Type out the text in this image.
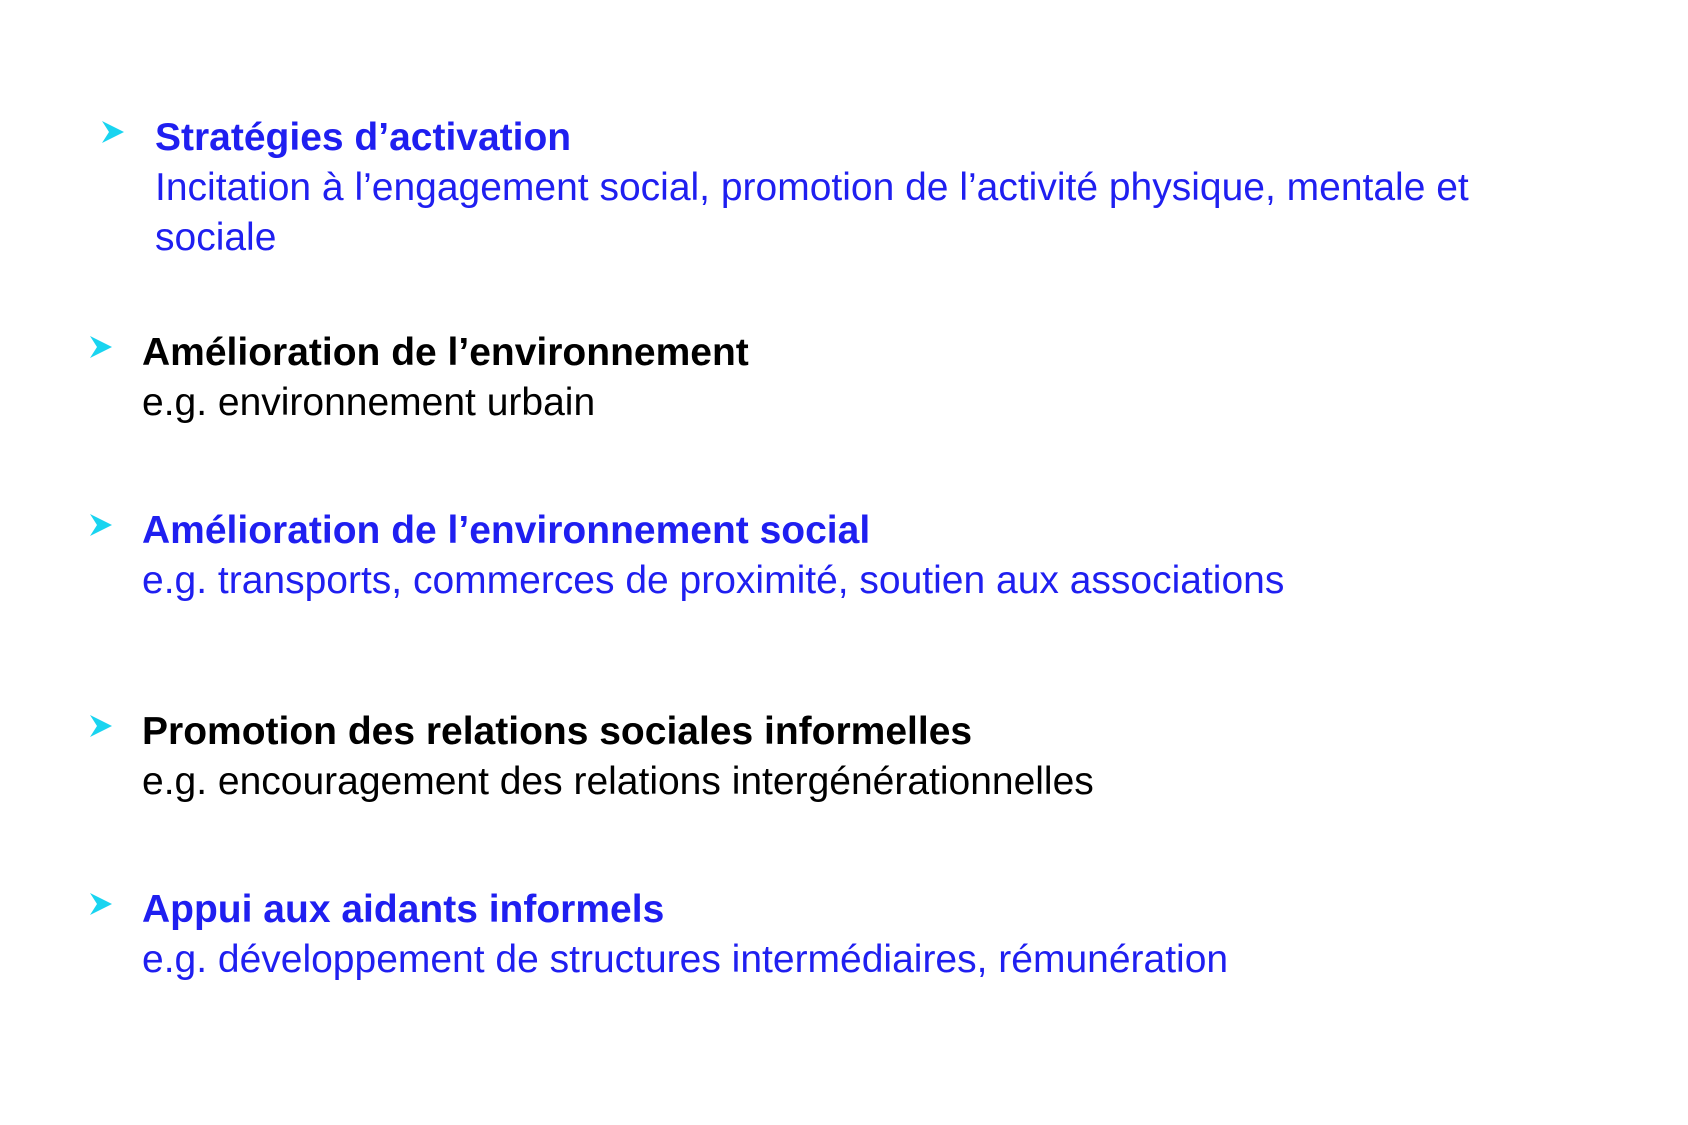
Stratégies d’activation
Incitation à l’engagement social, promotion de l’activité physique, mentale et
sociale
Amélioration de l’environnement
e.g. environnement urbain
Amélioration de l’environnement social
e.g. transports, commerces de proximité, soutien aux associations
Promotion des relations sociales informelles
e.g. encouragement des relations intergénérationnelles
Appui aux aidants informels
e.g. développement de structures intermédiaires, rémunération
